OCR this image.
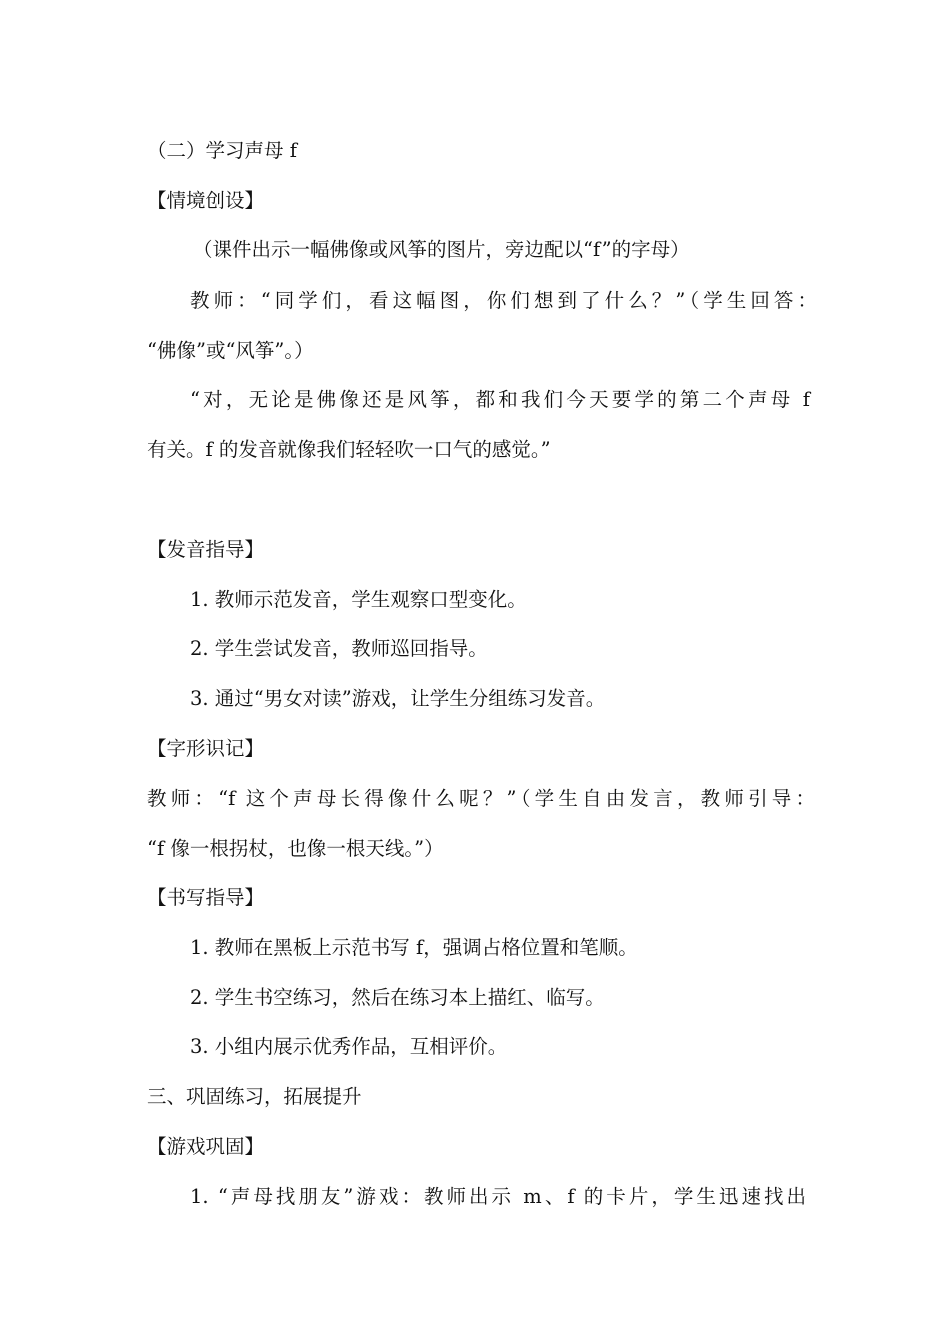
（二）学习声母 f
【情境创设】
（课件出示一幅佛像或风筝的图片，旁边配以“f”的字母）
教师：“同学们，看这幅图，你们想到了什么？”（学生回答：
“佛像”或“风筝”。）
“对，无论是佛像还是风筝，都和我们今天要学的第二个声母 f
有关。f 的发音就像我们轻轻吹一口气的感觉。”
【发音指导】
1. 教师示范发音，学生观察口型变化。
2. 学生尝试发音，教师巡回指导。
3. 通过“男女对读”游戏，让学生分组练习发音。
【字形识记】
教师：“f 这个声母长得像什么呢？”（学生自由发言，教师引导：
“f 像一根拐杖，也像一根天线。”）
【书写指导】
1. 教师在黑板上示范书写 f，强调占格位置和笔顺。
2. 学生书空练习，然后在练习本上描红、临写。
3. 小组内展示优秀作品，互相评价。
三、巩固练习，拓展提升
【游戏巩固】
1. “声母找朋友”游戏：教师出示 m、f 的卡片，学生迅速找出
